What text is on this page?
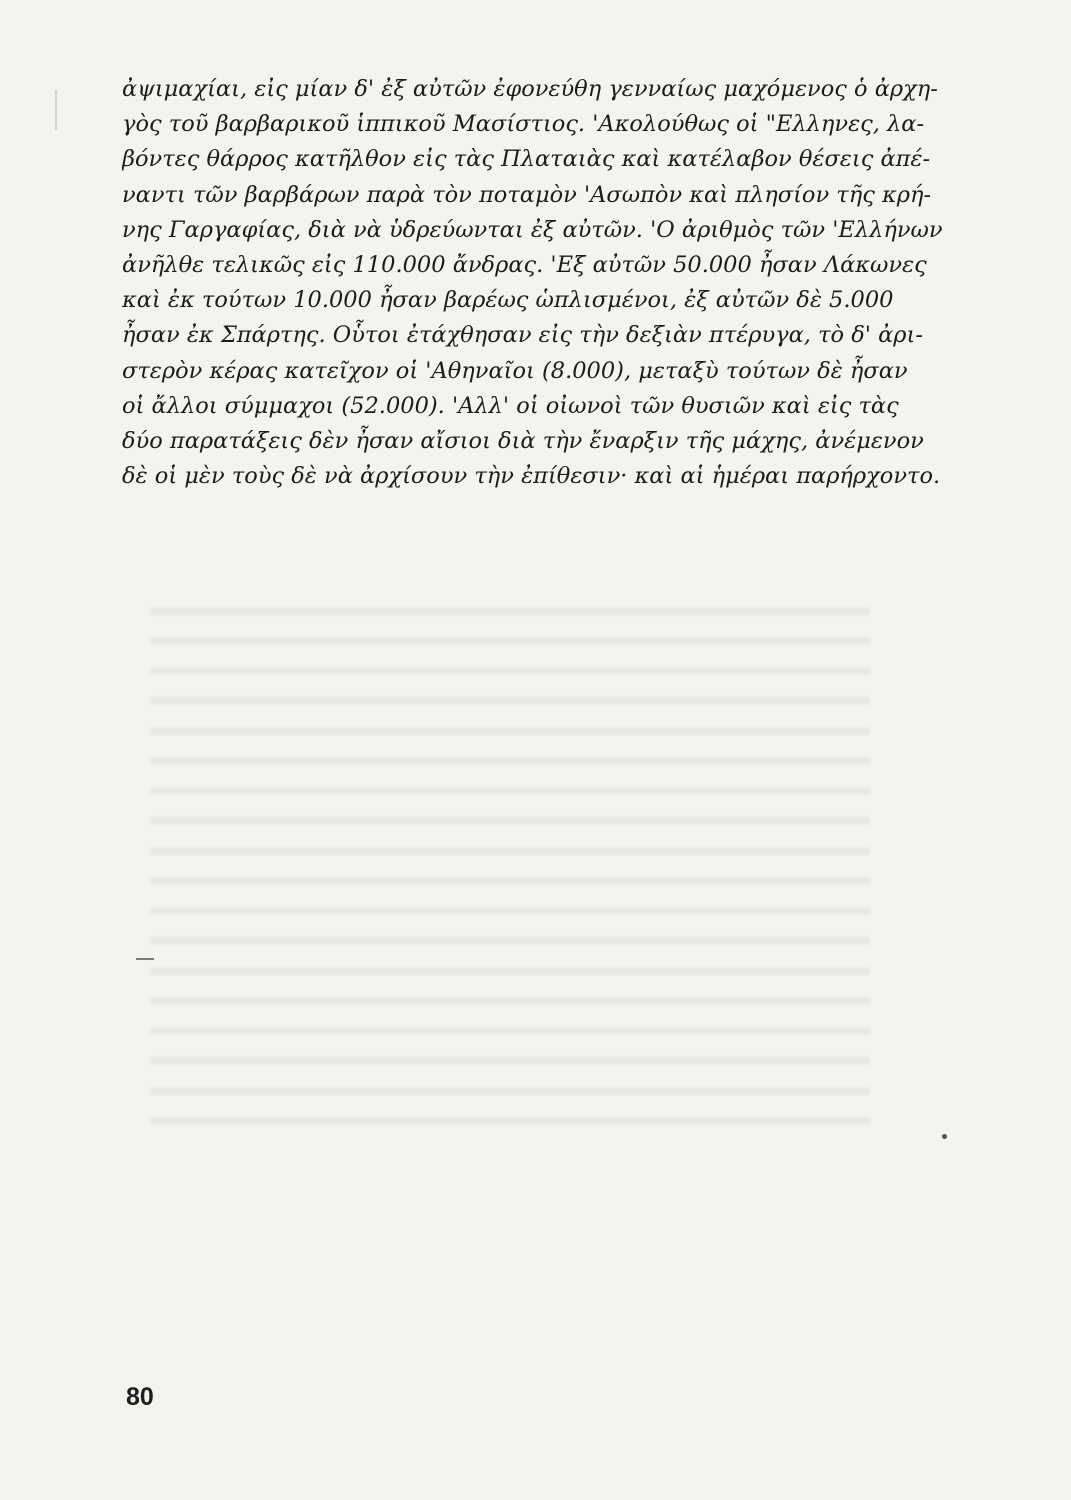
ἀψιμαχίαι, εἰς μίαν δ' ἐξ αὐτῶν ἐφονεύθη γενναίως μαχόμενος ὁ ἀρχη-
γὸς τοῦ βαρβαρικοῦ ἱππικοῦ Μασίστιος. 'Ακολούθως οἱ "Ελληνες, λα-
βόντες θάρρος κατῆλθον εἰς τὰς Πλαταιὰς καὶ κατέλαβον θέσεις ἀπέ-
ναντι τῶν βαρβάρων παρὰ τὸν ποταμὸν 'Ασωπὸν καὶ πλησίον τῆς κρή-
νης Γαργαφίας, διὰ νὰ ὑδρεύωνται ἐξ αὐτῶν. 'Ο ἀριθμὸς τῶν 'Ελλήνων
ἀνῆλθε τελικῶς εἰς 110.000 ἄνδρας. 'Εξ αὐτῶν 50.000 ἦσαν Λάκωνες
καὶ ἐκ τούτων 10.000 ἦσαν βαρέως ὡπλισμένοι, ἐξ αὐτῶν δὲ 5.000
ἦσαν ἐκ Σπάρτης. Οὗτοι ἐτάχθησαν εἰς τὴν δεξιὰν πτέρυγα, τὸ δ' ἀρι-
στερὸν κέρας κατεῖχον οἱ 'Αθηναῖοι (8.000), μεταξὺ τούτων δὲ ἦσαν
οἱ ἄλλοι σύμμαχοι (52.000). 'Αλλ' οἱ οἰωνοὶ τῶν θυσιῶν καὶ εἰς τὰς
δύο παρατάξεις δὲν ἦσαν αἴσιοι διὰ τὴν ἔναρξιν τῆς μάχης, ἀνέμενον
δὲ οἱ μὲν τοὺς δὲ νὰ ἀρχίσουν τὴν ἐπίθεσιν· καὶ αἱ ἡμέραι παρήρχοντο.
80
